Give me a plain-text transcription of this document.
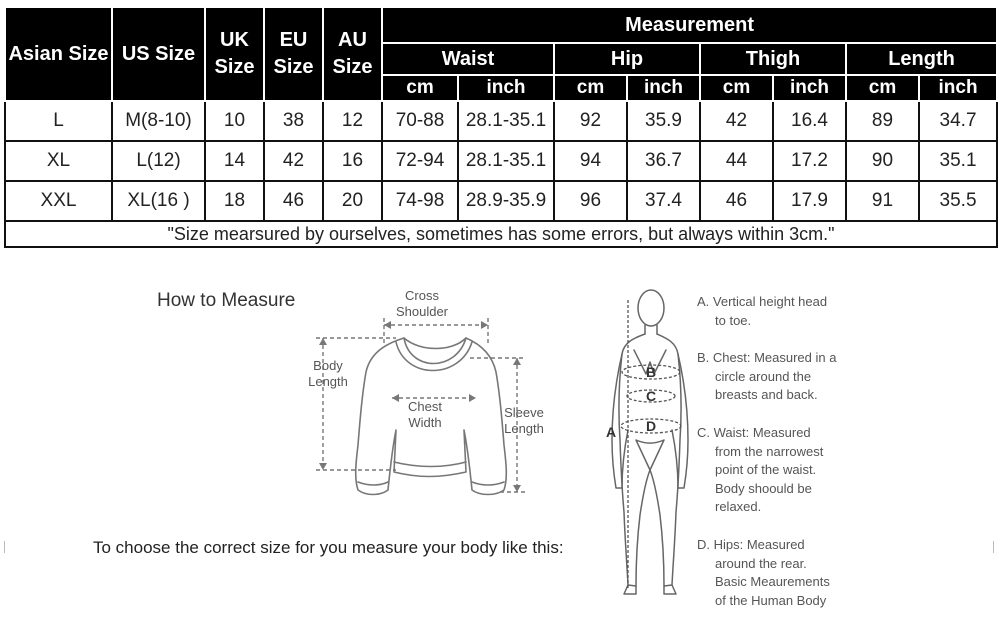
Asian Size	US Size	UK Size	EU Size	AU Size	Measurement							
					Waist		Hip		Thigh		Length	
					cm	inch	cm	inch	cm	inch	cm	inch
L	M(8-10)	10	38	12	70-88	28.1-35.1	92	35.9	42	16.4	89	34.7
XL	L(12)	14	42	16	72-94	28.1-35.1	94	36.7	44	17.2	90	35.1
XXL	XL(16 )	18	46	20	74-98	28.9-35.9	96	37.4	46	17.9	91	35.5
"Size mearsured by ourselves, sometimes has some errors, but always within 3cm."												
How to Measure
To choose the correct size for you measure your body like this:
Cross
Shoulder
Body
Length
Chest
Width
Sleeve
Length	A
B
C
D
A. Vertical height head
to toe.
B. Chest: Measured in a
circle around the
breasts and back.
C. Waist: Measured
from the narrowest
point of the waist.
Body shoould be
relaxed.
D. Hips: Measured
around the rear.
Basic Meaurements
of the Human Body
